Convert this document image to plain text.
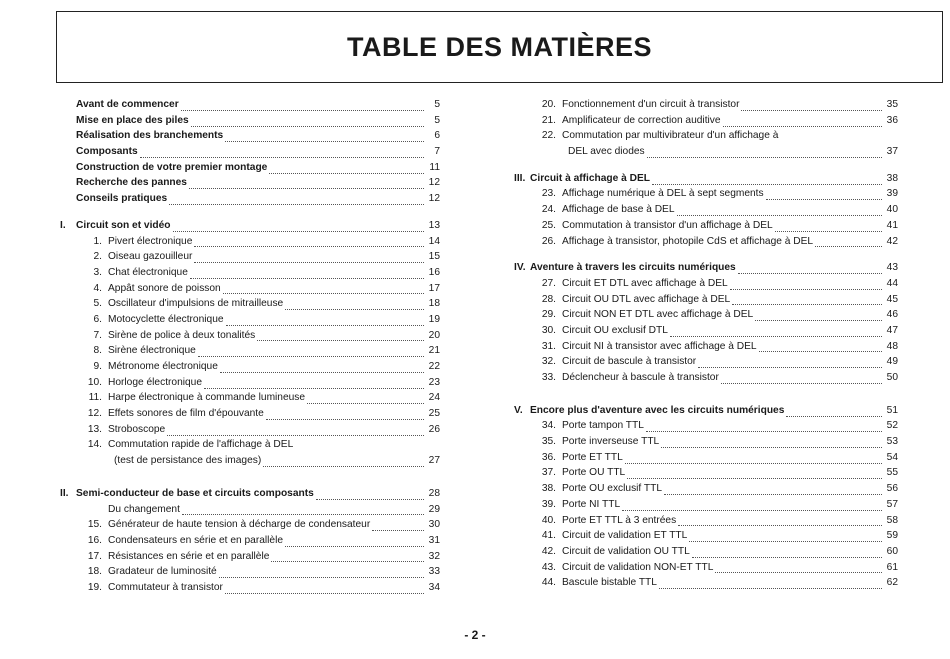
TABLE DES MATIÈRES
Avant de commencer	5
Mise en place des piles	5
Réalisation des branchements	6
Composants	7
Construction de votre premier montage	11
Recherche des pannes	12
Conseils pratiques	12
I.	Circuit son et vidéo	13
1. Pivert électronique	14
2. Oiseau gazouilleur	15
3. Chat électronique	16
4. Appât sonore de poisson	17
5. Oscillateur d'impulsions de mitrailleuse	18
6. Motocyclette électronique	19
7. Sirène de police à deux tonalités	20
8. Sirène électronique	21
9. Métronome électronique	22
10. Horloge électronique	23
11. Harpe électronique à commande lumineuse	24
12. Effets sonores de film d'épouvante	25
13. Stroboscope	26
14. Commutation rapide de l'affichage à DEL
(test de persistance des images)	27
II. Semi-conducteur de base et circuits composants	28
Du changement	29
15. Générateur de haute tension à décharge de condensateur	30
16. Condensateurs en série et en parallèle	31
17. Résistances en série et en parallèle	32
18. Gradateur de luminosité	33
19. Commutateur à transistor	34
20. Fonctionnement d'un circuit à transistor	35
21. Amplificateur de correction auditive	36
22. Commutation par multivibrateur d'un affichage à
DEL avec diodes	37
III. Circuit à affichage à DEL	38
23. Affichage numérique à DEL à sept segments	39
24. Affichage de base à DEL	40
25. Commutation à transistor d'un affichage à DEL	41
26. Affichage à transistor, photopile CdS et affichage à DEL	42
IV. Aventure à travers les circuits numériques	43
27. Circuit ET DTL avec affichage à DEL	44
28. Circuit OU DTL avec affichage à DEL	45
29. Circuit NON ET DTL avec affichage à DEL	46
30. Circuit OU exclusif DTL	47
31. Circuit NI à transistor avec affichage à DEL	48
32. Circuit de bascule à transistor	49
33. Déclencheur à bascule à transistor	50
V. Encore plus d'aventure avec les circuits numériques	51
34. Porte tampon TTL	52
35. Porte inverseuse TTL	53
36. Porte ET TTL	54
37. Porte OU TTL	55
38. Porte OU exclusif TTL	56
39. Porte NI TTL	57
40. Porte ET TTL à 3 entrées	58
41. Circuit de validation ET TTL	59
42. Circuit de validation OU TTL	60
43. Circuit de validation NON-ET TTL	61
44. Bascule bistable TTL	62
- 2 -
